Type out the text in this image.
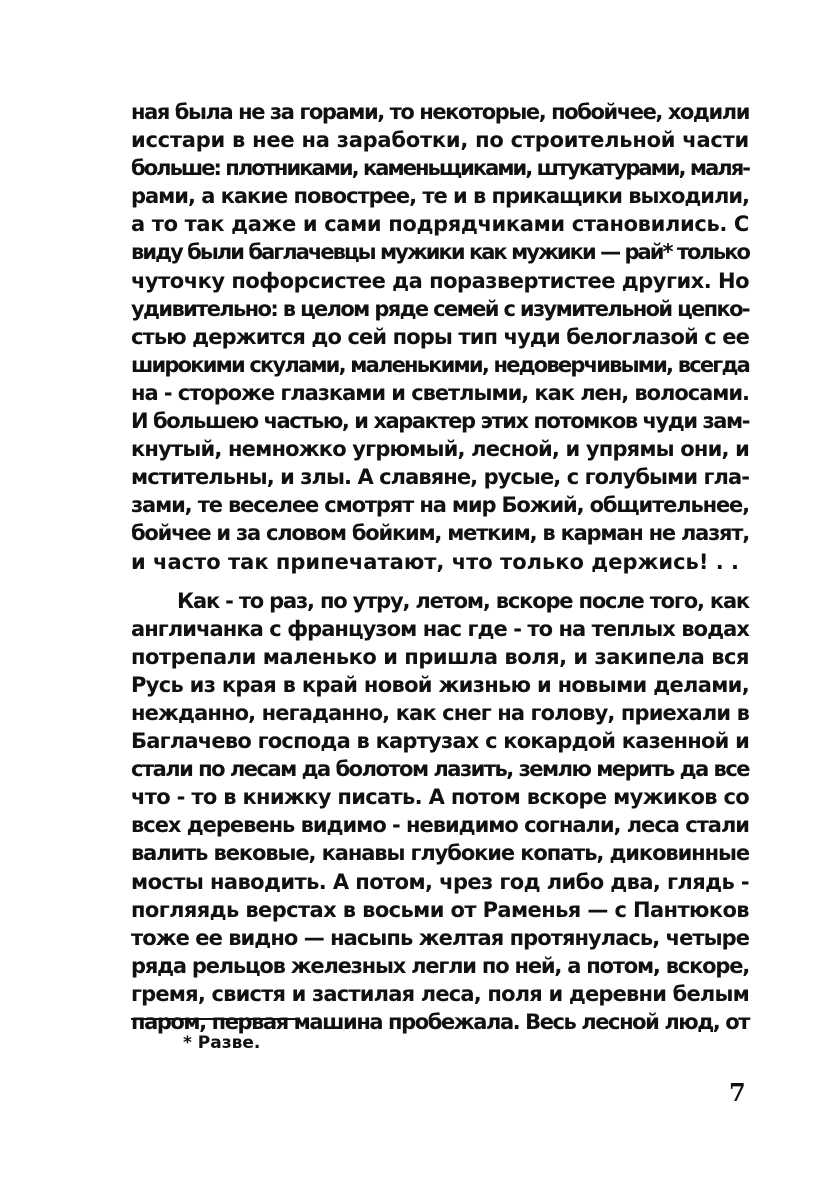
ная была не за горами, то некоторые, побойчее, ходили
исстари в нее на заработки, по строительной части
больше: плотниками, каменьщиками, штукатурами, маля-
рами, а какие повострее, те и в прикащики выходили,
а то так даже и сами подрядчиками становились. С
виду были баглачевцы мужики как мужики — рай* только
чуточку пофорсистее да поразвертистее других. Но
удивительно: в целом ряде семей с изумительной цепко-
стью держится до сей поры тип чуди белоглазой с ее
широкими скулами, маленькими, недоверчивыми, всегда
на - стороже глазками и светлыми, как лен, волосами.
И большею частью, и характер этих потомков чуди зам-
кнутый, немножко угрюмый, лесной, и упрямы они, и
мстительны, и злы. А славяне, русые, с голубыми гла-
зами, те веселее смотрят на мир Божий, общительнее,
бойчее и за словом бойким, метким, в карман не лазят,
и часто так припечатают, что только держись! . .
Как - то раз, по утру, летом, вскоре после того, как
англичанка с французом нас где - то на теплых водах
потрепали маленько и пришла воля, и закипела вся
Русь из края в край новой жизнью и новыми делами,
нежданно, негаданно, как снег на голову, приехали в
Баглачево господа в картузах с кокардой казенной и
стали по лесам да болотом лазить, землю мерить да все
что - то в книжку писать. А потом вскоре мужиков со
всех деревень видимо - невидимо согнали, леса стали
валить вековые, канавы глубокие копать, диковинные
мосты наводить. А потом, чрез год либо два, глядь -
погляядь верстах в восьми от Раменья — с Пантюков
тоже ее видно — насыпь желтая протянулась, четыре
ряда рельцов железных легли по ней, а потом, вскоре,
гремя, свистя и застилая леса, поля и деревни белым
паром, первая машина пробежала. Весь лесной люд, от
* Разве.
7
